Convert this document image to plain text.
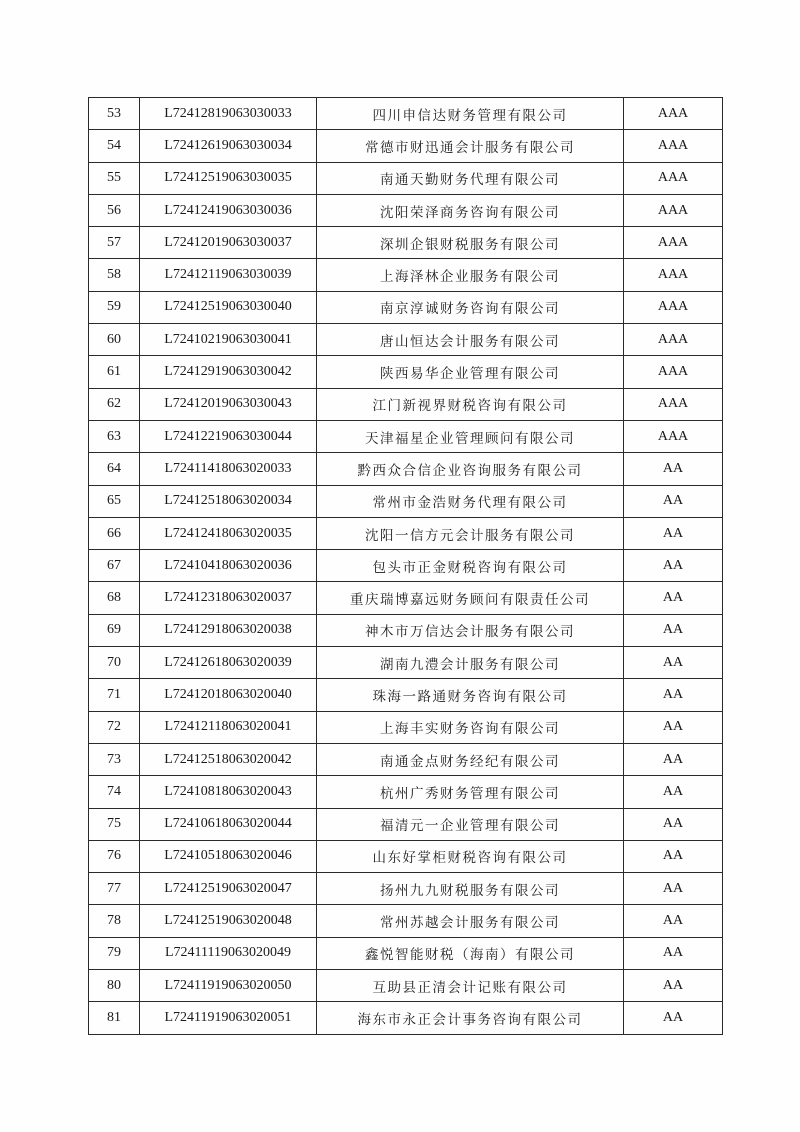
53	L72412819063030033	四川申信达财务管理有限公司	AAA
54	L72412619063030034	常德市财迅通会计服务有限公司	AAA
55	L72412519063030035	南通天勤财务代理有限公司	AAA
56	L72412419063030036	沈阳荣泽商务咨询有限公司	AAA
57	L72412019063030037	深圳企银财税服务有限公司	AAA
58	L72412119063030039	上海泽林企业服务有限公司	AAA
59	L72412519063030040	南京淳诚财务咨询有限公司	AAA
60	L72410219063030041	唐山恒达会计服务有限公司	AAA
61	L72412919063030042	陕西易华企业管理有限公司	AAA
62	L72412019063030043	江门新视界财税咨询有限公司	AAA
63	L72412219063030044	天津福星企业管理顾问有限公司	AAA
64	L72411418063020033	黔西众合信企业咨询服务有限公司	AA
65	L72412518063020034	常州市金浩财务代理有限公司	AA
66	L72412418063020035	沈阳一信方元会计服务有限公司	AA
67	L72410418063020036	包头市正金财税咨询有限公司	AA
68	L72412318063020037	重庆瑞博嘉远财务顾问有限责任公司	AA
69	L72412918063020038	神木市万信达会计服务有限公司	AA
70	L72412618063020039	湖南九澧会计服务有限公司	AA
71	L72412018063020040	珠海一路通财务咨询有限公司	AA
72	L72412118063020041	上海丰实财务咨询有限公司	AA
73	L72412518063020042	南通金点财务经纪有限公司	AA
74	L72410818063020043	杭州广秀财务管理有限公司	AA
75	L72410618063020044	福清元一企业管理有限公司	AA
76	L72410518063020046	山东好掌柜财税咨询有限公司	AA
77	L72412519063020047	扬州九九财税服务有限公司	AA
78	L72412519063020048	常州苏越会计服务有限公司	AA
79	L72411119063020049	鑫悦智能财税（海南）有限公司	AA
80	L72411919063020050	互助县正清会计记账有限公司	AA
81	L72411919063020051	海东市永正会计事务咨询有限公司	AA
